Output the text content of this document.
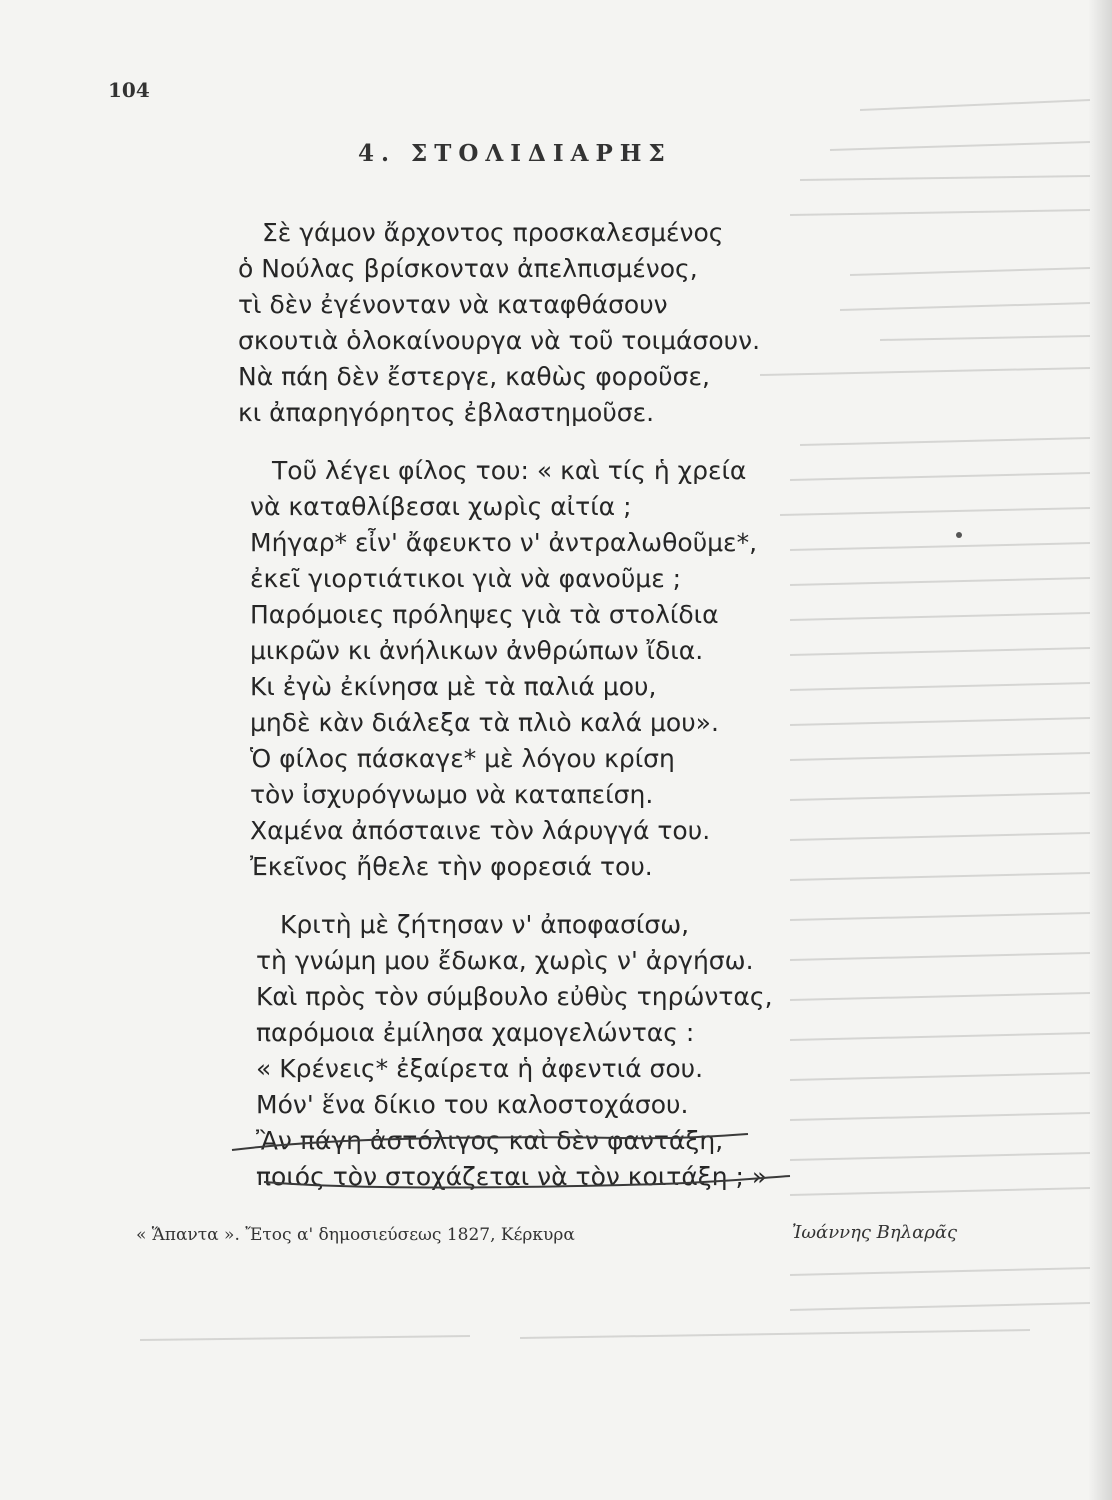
104
4. ΣΤΟΛΙΔΙΑΡΗΣ
Σὲ γάμον ἄρχοντος προσκαλεσμένος
ὁ Νούλας βρίσκονταν ἀπελπισμένος,
τὶ δὲν ἐγένονταν νὰ καταφθάσουν
σκουτιὰ ὁλοκαίνουργα νὰ τοῦ τοιμάσουν.
Νὰ πάη δὲν ἔστεργε, καθὼς φοροῦσε,
κι ἀπαρηγόρητος ἐβλαστημοῦσε.
Τοῦ λέγει φίλος του: « καὶ τίς ἡ χρεία
νὰ καταθλίβεσαι χωρὶς αἰτία ;
Μήγαρ* εἶν' ἄφευκτο ν' ἀντραλωθοῦμε*,
ἐκεῖ γιορτιάτικοι γιὰ νὰ φανοῦμε ;
Παρόμοιες πρόληψες γιὰ τὰ στολίδια
μικρῶν κι ἀνήλικων ἀνθρώπων ἴδια.
Κι ἐγὼ ἐκίνησα μὲ τὰ παλιά μου,
μηδὲ κὰν διάλεξα τὰ πλιὸ καλά μου».
Ὁ φίλος πάσκαγε* μὲ λόγου κρίση
τὸν ἰσχυρόγνωμο νὰ καταπείση.
Χαμένα ἀπόσταινε τὸν λάρυγγά του.
Ἐκεῖνος ἤθελε τὴν φορεσιά του.
Κριτὴ μὲ ζήτησαν ν' ἀποφασίσω,
τὴ γνώμη μου ἔδωκα, χωρὶς ν' ἀργήσω.
Καὶ πρὸς τὸν σύμβουλο εὐθὺς τηρώντας,
παρόμοια ἐμίλησα χαμογελώντας :
« Κρένεις* ἐξαίρετα ἡ ἀφεντιά σου.
Μόν' ἕνα δίκιο του καλοστοχάσου.
Ἂν πάγη ἀστόλιγος καὶ δὲν φαντάξη,
ποιός τὸν στοχάζεται νὰ τὸν κοιτάξη ; »
« Ἅπαντα ». Ἔτος α' δημοσιεύσεως 1827, Κέρκυρα	Ἰωάννης Βηλαρᾶς
